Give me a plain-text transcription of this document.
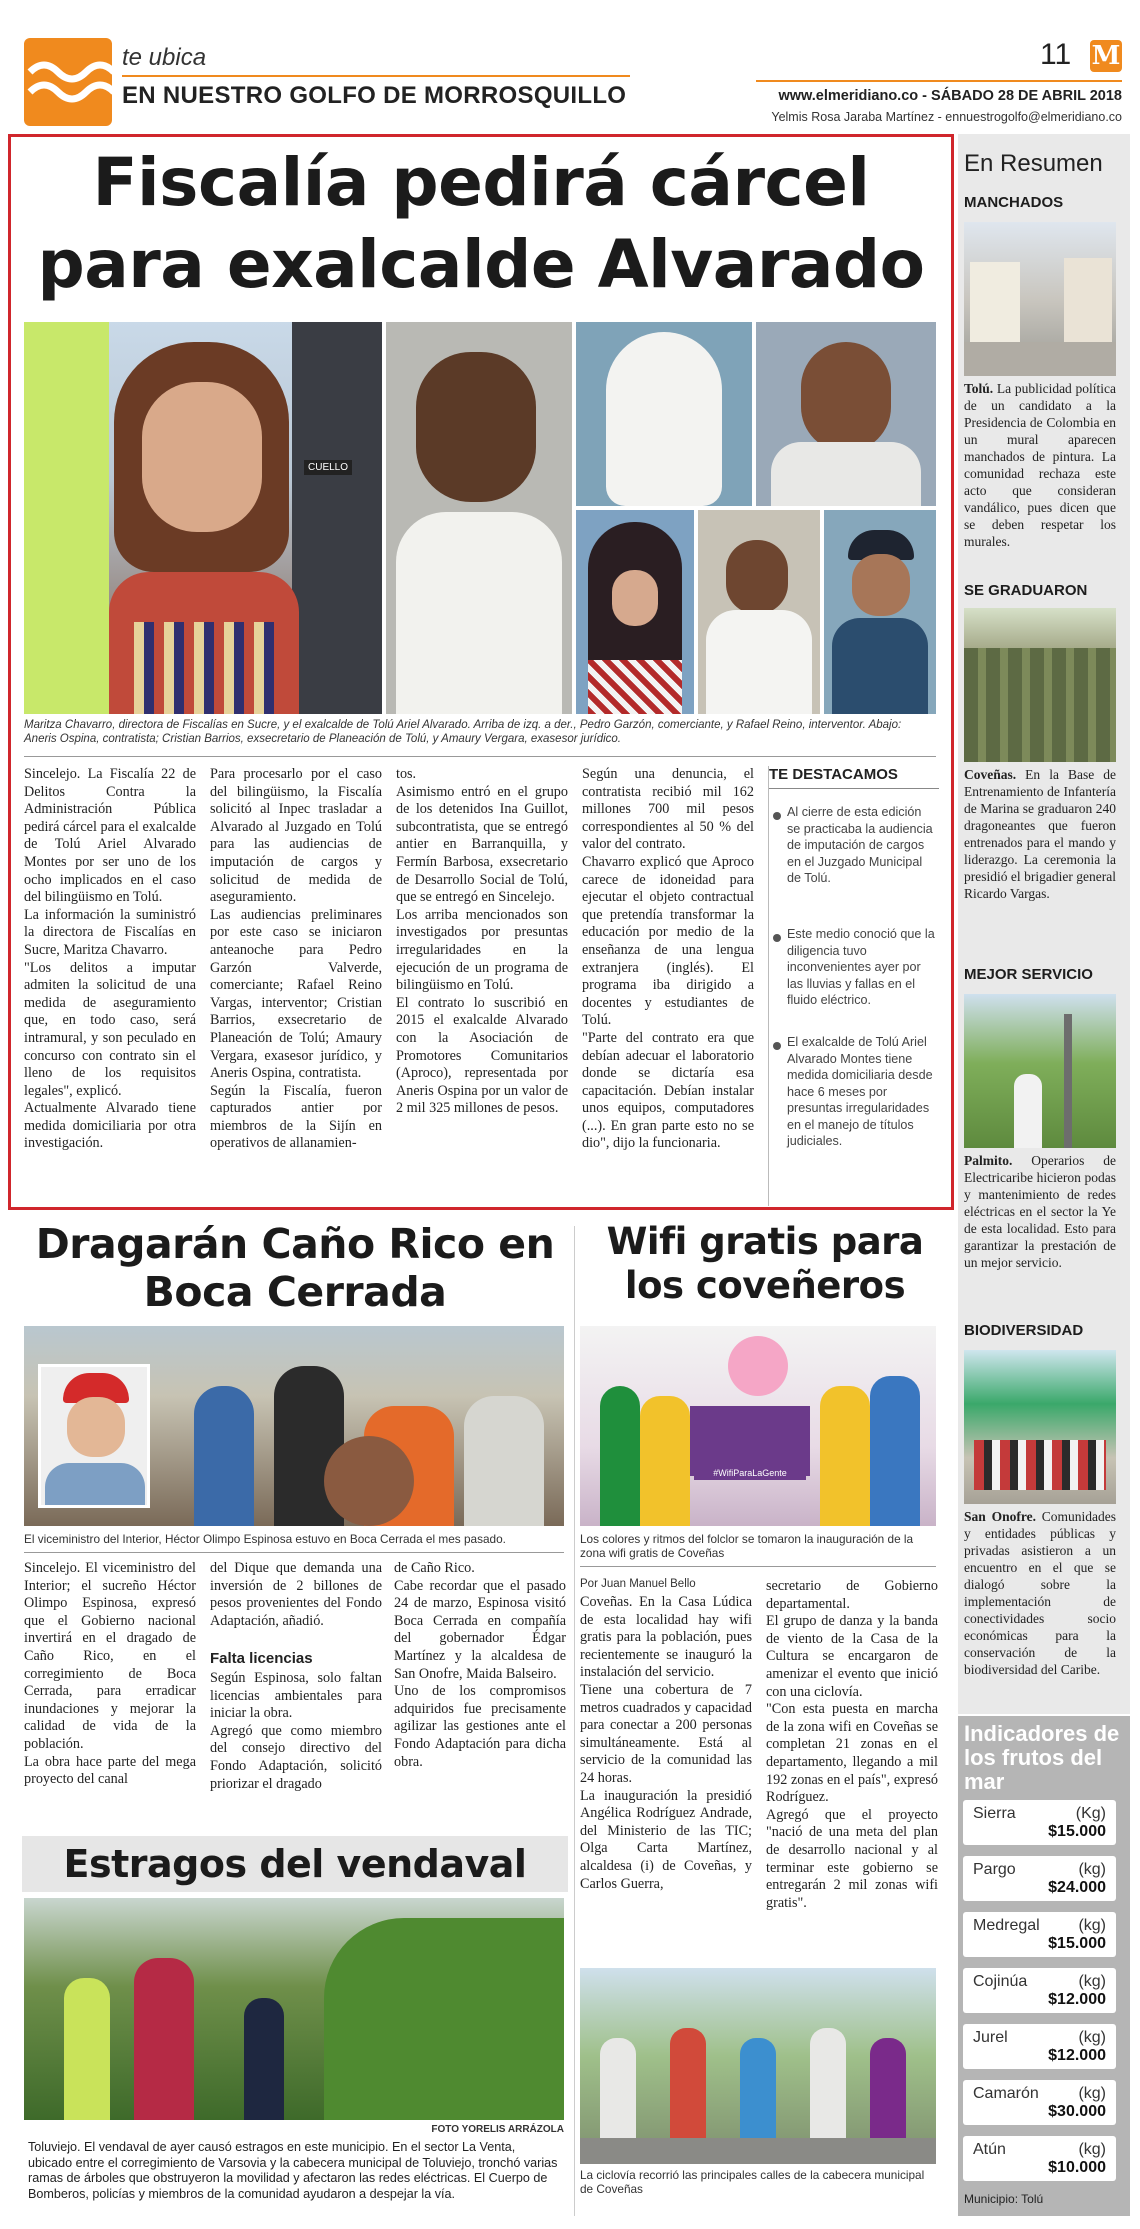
te ubica
EN NUESTRO GOLFO DE MORROSQUILLO
11 M
www.elmeridiano.co - SÁBADO 28 DE ABRIL 2018
Yelmis Rosa Jaraba Martínez - ennuestrogolfo@elmeridiano.co
Fiscalía pedirá cárcel para exalcalde Alvarado
CUELLO
Maritza Chavarro, directora de Fiscalías en Sucre, y el exalcalde de Tolú Ariel Alvarado. Arriba de izq. a der., Pedro Garzón, comerciante, y Rafael Reino, interventor. Abajo: Aneris Ospina, contratista; Cristian Barrios, exsecretario de Planeación de Tolú, y Amaury Vergara, exasesor jurídico.
Sincelejo. La Fiscalía 22 de Delitos Contra la Administración Pública pedirá cárcel para el exalcalde de Tolú Ariel Alvarado Montes por ser uno de los ocho implicados en el caso del bilingüismo en Tolú.
La información la suministró la directora de Fiscalías en Sucre, Maritza Chavarro.
"Los delitos a imputar admiten la solicitud de una medida de aseguramiento que, en todo caso, será intramural, y son peculado en concurso con contrato sin el lleno de los requisitos legales", explicó.
Actualmente Alvarado tiene medida domiciliaria por otra investigación.
Para procesarlo por el caso del bilingüismo, la Fiscalía solicitó al Inpec trasladar a Alvarado al Juzgado en Tolú para las audiencias de imputación de cargos y solicitud de medida de aseguramiento.
Las audiencias preliminares por este caso se iniciaron anteanoche para Pedro Garzón Valverde, comerciante; Rafael Reino Vargas, interventor; Cristian Barrios, exsecretario de Planeación de Tolú; Amaury Vergara, exasesor jurídico, y Aneris Ospina, contratista.
Según la Fiscalía, fueron capturados antier por miembros de la Sijín en operativos de allanamien-
tos.
Asimismo entró en el grupo de los detenidos Ina Guillot, subcontratista, que se entregó antier en Barranquilla, y Fermín Barbosa, exsecretario de Desarrollo Social de Tolú, que se entregó en Sincelejo.
Los arriba mencionados son investigados por presuntas irregularidades en la ejecución de un programa de bilingüismo en Tolú.
El contrato lo suscribió en 2015 el exalcalde Alvarado con la Asociación de Promotores Comunitarios (Aproco), representada por Aneris Ospina por un valor de 2 mil 325 millones de pesos.
Según una denuncia, el contratista recibió mil 162 millones 700 mil pesos correspondientes al 50 % del valor del contrato.
Chavarro explicó que Aproco carece de idoneidad para ejecutar el objeto contractual que pretendía transformar la educación por medio de la enseñanza de una lengua extranjera (inglés). El programa iba dirigido a docentes y estudiantes de Tolú.
"Parte del contrato era que debían adecuar el laboratorio donde se dictaría esa capacitación. Debían instalar unos equipos, computadores (...). En gran parte esto no se dio", dijo la funcionaria.
TE DESTACAMOS
Al cierre de esta edición se practicaba la audiencia de imputación de cargos en el Juzgado Municipal de Tolú.
Este medio conoció que la diligencia tuvo inconvenientes ayer por las lluvias y fallas en el fluido eléctrico.
El exalcalde de Tolú Ariel Alvarado Montes tiene medida domiciliaria desde hace 6 meses por presuntas irregularidades en el manejo de títulos judiciales.
Dragarán Caño Rico en Boca Cerrada
El viceministro del Interior, Héctor Olimpo Espinosa estuvo en Boca Cerrada el mes pasado.
Sincelejo. El viceministro del Interior; el sucreño Héctor Olimpo Espinosa, expresó que el Gobierno nacional invertirá en el dragado de Caño Rico, en el corregimiento de Boca Cerrada, para erradicar inundaciones y mejorar la calidad de vida de la población.
La obra hace parte del mega proyecto del canal
del Dique que demanda una inversión de 2 billones de pesos provenientes del Fondo Adaptación, añadió.
Falta licencias
Según Espinosa, solo faltan licencias ambientales para iniciar la obra.
Agregó que como miembro del consejo directivo del Fondo Adaptación, solicitó priorizar el dragado
de Caño Rico.
Cabe recordar que el pasado 24 de marzo, Espinosa visitó Boca Cerrada en compañía del gobernador Édgar Martínez y la alcaldesa de San Onofre, Maida Balseiro.
Uno de los compromisos adquiridos fue precisamente agilizar las gestiones ante el Fondo Adaptación para dicha obra.
Estragos del vendaval
FOTO YORELIS ARRÁZOLA
Toluviejo. El vendaval de ayer causó estragos en este municipio. En el sector La Venta, ubicado entre el corregimiento de Varsovia y la cabecera municipal de Toluviejo, tronchó varias ramas de árboles que obstruyeron la movilidad y afectaron las redes eléctricas. El Cuerpo de Bomberos, policías y miembros de la comunidad ayudaron a despejar la vía.
Wifi gratis para los coveñeros
#WifiParaLaGente
Los colores y ritmos del folclor se tomaron la inauguración de la zona wifi gratis de Coveñas
Por Juan Manuel Bello
Coveñas. En la Casa Lúdica de esta localidad hay wifi gratis para la población, pues recientemente se inauguró la instalación del servicio.
Tiene una cobertura de 7 metros cuadrados y capacidad para conectar a 200 personas simultáneamente. Está al servicio de la comunidad las 24 horas.
La inauguración la presidió Angélica Rodríguez Andrade, del Ministerio de las TIC; Olga Carta Martínez, alcaldesa (i) de Coveñas, y Carlos Guerra,
secretario de Gobierno departamental.
El grupo de danza y la banda de viento de la Casa de la Cultura se encargaron de amenizar el evento que inició con una ciclovía.
"Con esta puesta en marcha de la zona wifi en Coveñas se completan 21 zonas en el departamento, llegando a mil 192 zonas en el país", expresó Rodríguez.
Agregó que el proyecto "nació de una meta del plan de desarrollo nacional y al terminar este gobierno se entregarán 2 mil zonas wifi gratis".
La ciclovía recorrió las principales calles de la cabecera municipal de Coveñas
En Resumen
MANCHADOS
Tolú. La publicidad política de un candidato a la Presidencia de Colombia en un mural aparecen manchados de pintura. La comunidad rechaza este acto que consideran vandálico, pues dicen que se deben respetar los murales.
SE GRADUARON
Coveñas. En la Base de Entrenamiento de Infantería de Marina se graduaron 240 dragoneantes que fueron entrenados para el mando y liderazgo. La ceremonia la presidió el brigadier general Ricardo Vargas.
MEJOR SERVICIO
Palmito. Operarios de Electricaribe hicieron podas y mantenimiento de redes eléctricas en el sector la Ye de esta localidad. Esto para garantizar la prestación de un mejor servicio.
BIODIVERSIDAD
San Onofre. Comunidades y entidades públicas y privadas asistieron a un encuentro en el que se dialogó sobre la implementación de conectividades socio económicas para la conservación de la biodiversidad del Caribe.
Indicadores de los frutos del mar
Sierra	(Kg)
$15.000
Pargo	(kg)
$24.000
Medregal (kg)
$15.000
Cojinúa	(kg)
$12.000
Jurel	(kg)
$12.000
Camarón (kg)
$30.000
Atún	(kg)
$10.000
Municipio: Tolú
